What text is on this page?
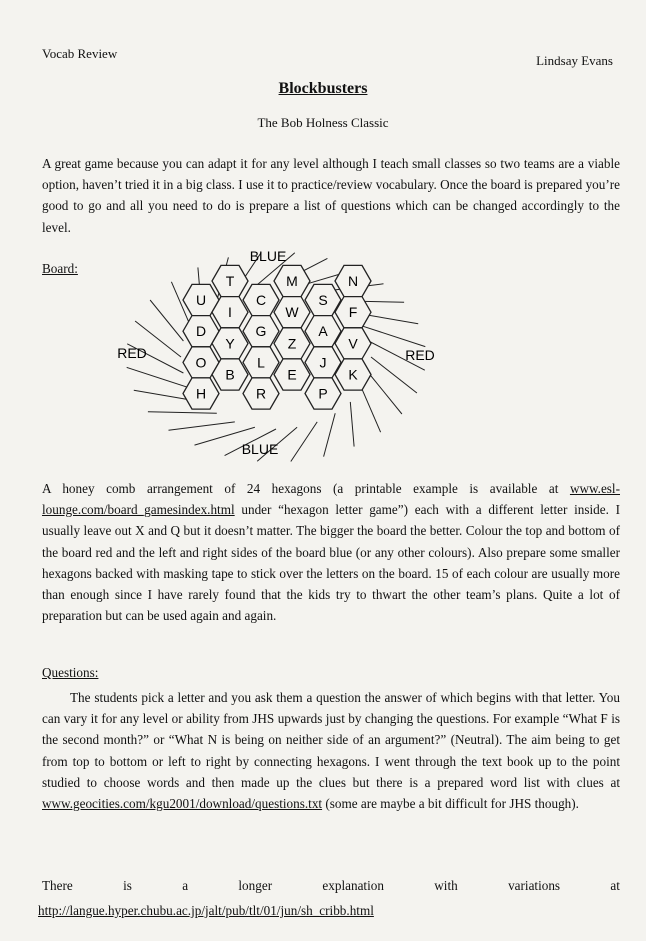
Vocab Review	Lindsay Evans
Blockbusters
The Bob Holness Classic
A great game because you can adapt it for any level although I teach small classes so two teams are a viable option, haven’t tried it in a big class. I use it to practice/review vocabulary. Once the board is prepared you’re good to go and all you need to do is prepare a list of questions which can be changed accordingly to the level.
Board:
T	M	N
U	C	S
I	W	F
D	G	A
Y	Z	V
O	L	J
B	E	K
H	R	P
BLUE
BLUE
RED	RED
A honey comb arrangement of 24 hexagons (a printable example is available at www.esl-lounge.com/board_gamesindex.html under “hexagon letter game”) each with a different letter inside. I usually leave out X and Q but it doesn’t matter. The bigger the board the better. Colour the top and bottom of the board red and the left and right sides of the board blue (or any other colours). Also prepare some smaller hexagons backed with masking tape to stick over the letters on the board. 15 of each colour are usually more than enough since I have rarely found that the kids try to thwart the other team’s plans. Quite a lot of preparation but can be used again and again.
Questions:
The students pick a letter and you ask them a question the answer of which begins with that letter. You can vary it for any level or ability from JHS upwards just by changing the questions. For example “What F is the second month?” or “What N is being on neither side of an argument?” (Neutral). The aim being to get from top to bottom or left to right by connecting hexagons. I went through the text book up to the point studied to choose words and then made up the clues but there is a prepared word list with clues at www.geocities.com/kgu2001/download/questions.txt (some are maybe a bit difficult for JHS though).
There	is	a	longer	explanation	with	variations	at
http://langue.hyper.chubu.ac.jp/jalt/pub/tlt/01/jun/sh_cribb.html
